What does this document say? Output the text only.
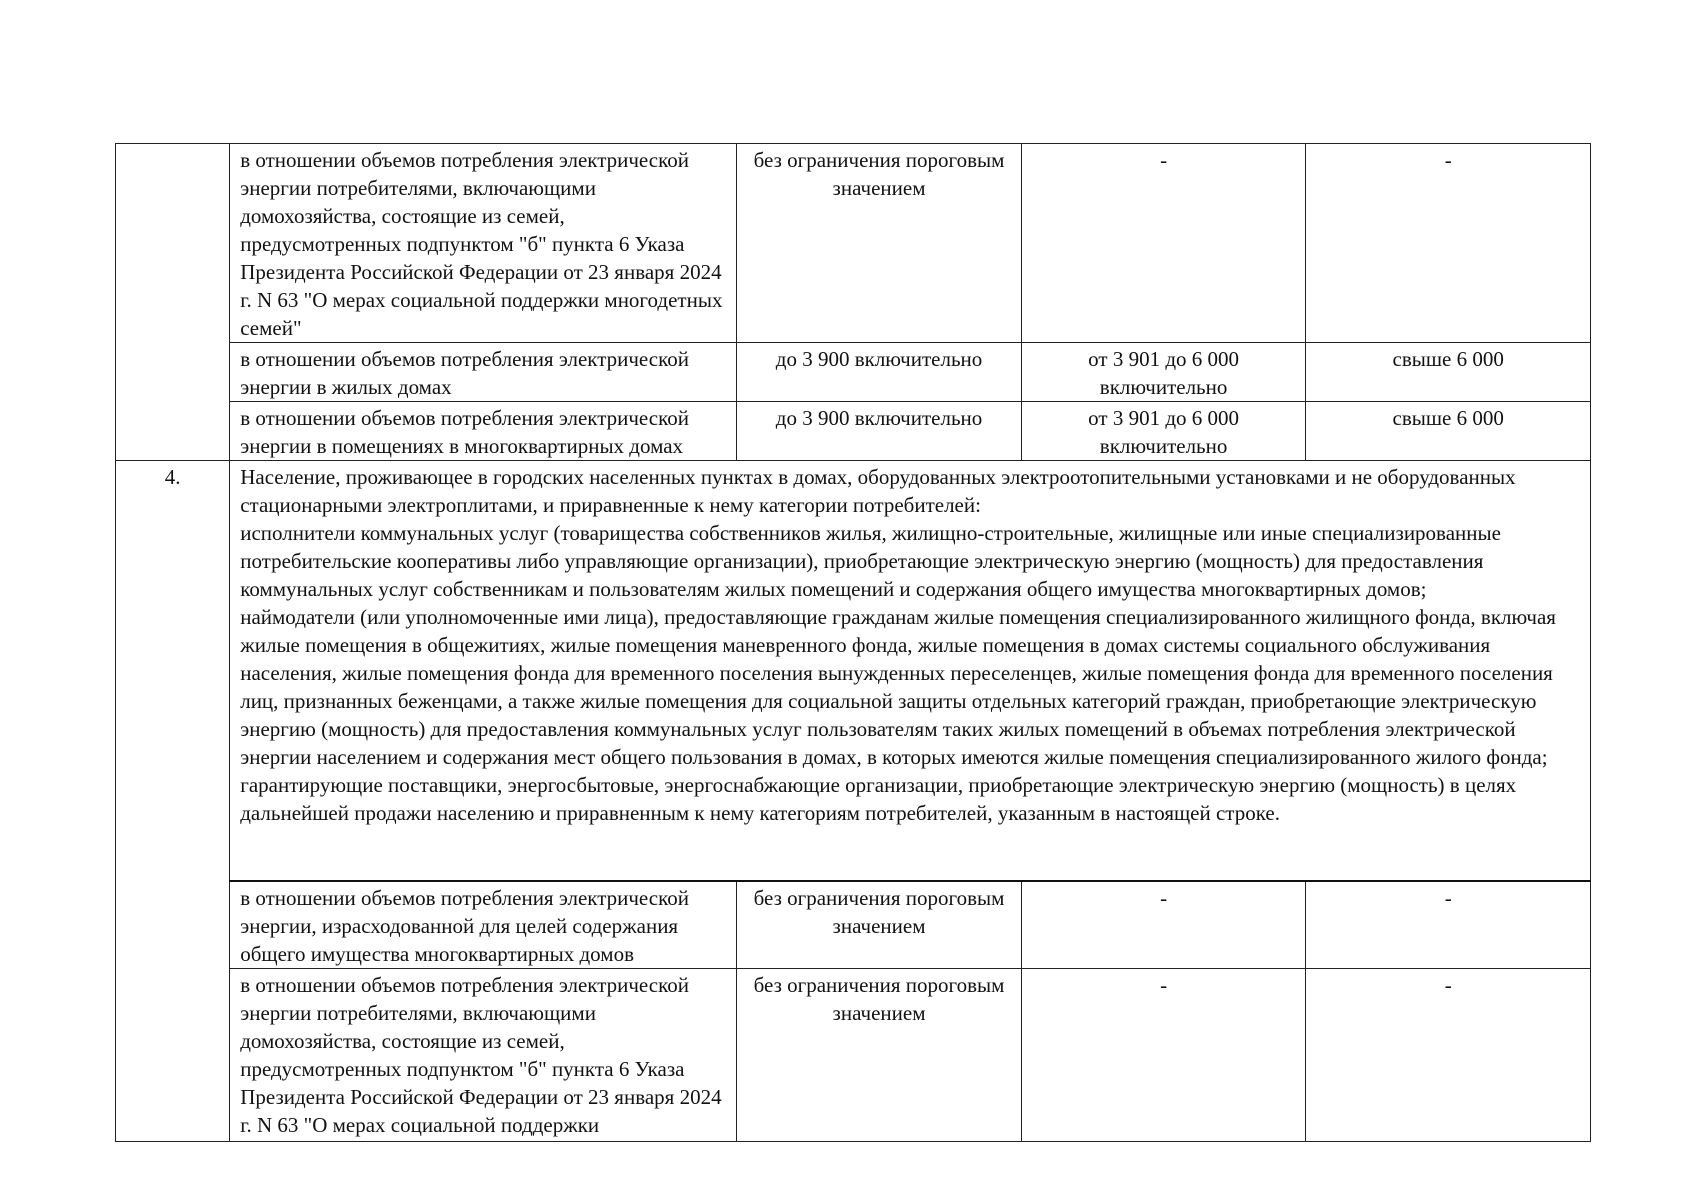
	в отношении объемов потребления электрической энергии потребителями, включающими домохозяйства, состоящие из семей, предусмотренных подпунктом "б" пункта 6 Указа Президента Российской Федерации от 23 января 2024 г. N 63 "О мерах социальной поддержки многодетных семей"	без ограничения пороговым значением	-	-
	в отношении объемов потребления электрической энергии в жилых домах	до 3 900 включительно	от 3 901 до 6 000 включительно	свыше 6 000
	в отношении объемов потребления электрической энергии в помещениях в многоквартирных домах	до 3 900 включительно	от 3 901 до 6 000 включительно	свыше 6 000
4.	Население, проживающее в городских населенных пунктах в домах, оборудованных электроотопительными установками и не оборудованных стационарными электроплитами, и приравненные к нему категории потребителей:
исполнители коммунальных услуг (товарищества собственников жилья, жилищно-строительные, жилищные или иные специализированные потребительские кооперативы либо управляющие организации), приобретающие электрическую энергию (мощность) для предоставления коммунальных услуг собственникам и пользователям жилых помещений и содержания общего имущества многоквартирных домов;
наймодатели (или уполномоченные ими лица), предоставляющие гражданам жилые помещения специализированного жилищного фонда, включая жилые помещения в общежитиях, жилые помещения маневренного фонда, жилые помещения в домах системы социального обслуживания населения, жилые помещения фонда для временного поселения вынужденных переселенцев, жилые помещения фонда для временного поселения лиц, признанных беженцами, а также жилые помещения для социальной защиты отдельных категорий граждан, приобретающие электрическую энергию (мощность) для предоставления коммунальных услуг пользователям таких жилых помещений в объемах потребления электрической энергии населением и содержания мест общего пользования в домах, в которых имеются жилые помещения специализированного жилого фонда;
гарантирующие поставщики, энергосбытовые, энергоснабжающие организации, приобретающие электрическую энергию (мощность) в целях дальнейшей продажи населению и приравненным к нему категориям потребителей, указанным в настоящей строке.			

	в отношении объемов потребления электрической энергии, израсходованной для целей содержания общего имущества многоквартирных домов	без ограничения пороговым значением	-	-

	в отношении объемов потребления электрической энергии потребителями, включающими домохозяйства, состоящие из семей, предусмотренных подпунктом "б" пункта 6 Указа Президента Российской Федерации от 23 января 2024 г. N 63 "О мерах социальной поддержки	без ограничения пороговым значением	-	-
